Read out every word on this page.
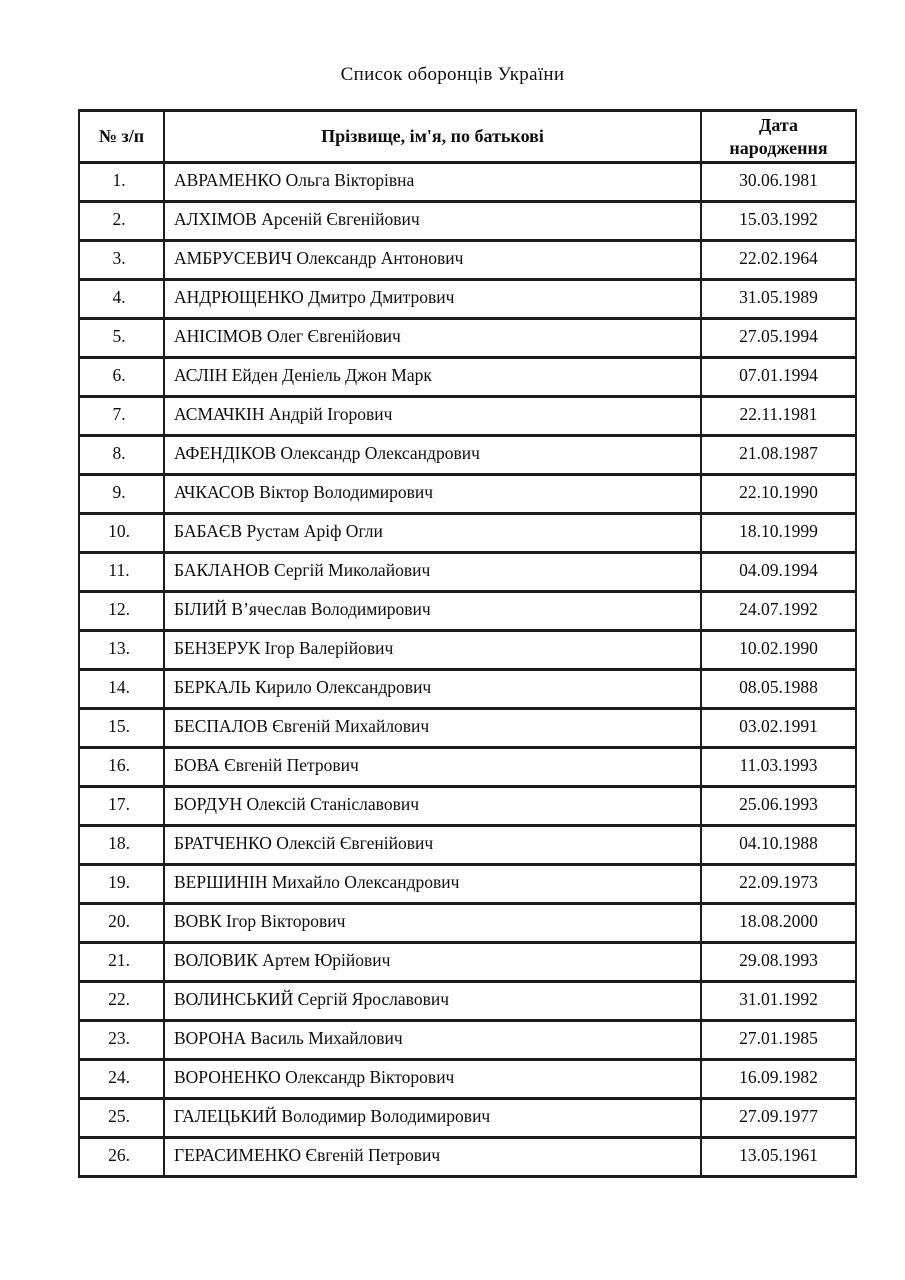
Список оборонців України
№ з/п	Прізвище, ім'я, по батькові	Дата народження
1.	АВРАМЕНКО Ольга Вікторівна	30.06.1981
2.	АЛХІМОВ Арсеній Євгенійович	15.03.1992
3.	АМБРУСЕВИЧ Олександр Антонович	22.02.1964
4.	АНДРЮЩЕНКО Дмитро Дмитрович	31.05.1989
5.	АНІСІМОВ Олег Євгенійович	27.05.1994
6.	АСЛІН Ейден Деніель Джон Марк	07.01.1994
7.	АСМАЧКІН Андрій Ігорович	22.11.1981
8.	АФЕНДІКОВ Олександр Олександрович	21.08.1987
9.	АЧКАСОВ Віктор Володимирович	22.10.1990
10.	БАБАЄВ Рустам Аріф Огли	18.10.1999
11.	БАКЛАНОВ Сергій Миколайович	04.09.1994
12.	БІЛИЙ В’ячеслав Володимирович	24.07.1992
13.	БЕНЗЕРУК Ігор Валерійович	10.02.1990
14.	БЕРКАЛЬ Кирило Олександрович	08.05.1988
15.	БЕСПАЛОВ Євгеній Михайлович	03.02.1991
16.	БОВА Євгеній Петрович	11.03.1993
17.	БОРДУН Олексій Станіславович	25.06.1993
18.	БРАТЧЕНКО Олексій Євгенійович	04.10.1988
19.	ВЕРШИНІН Михайло Олександрович	22.09.1973
20.	ВОВК Ігор Вікторович	18.08.2000
21.	ВОЛОВИК Артем Юрійович	29.08.1993
22.	ВОЛИНСЬКИЙ Сергій Ярославович	31.01.1992
23.	ВОРОНА Василь Михайлович	27.01.1985
24.	ВОРОНЕНКО Олександр Вікторович	16.09.1982
25.	ГАЛЕЦЬКИЙ Володимир Володимирович	27.09.1977
26.	ГЕРАСИМЕНКО Євгеній Петрович	13.05.1961
